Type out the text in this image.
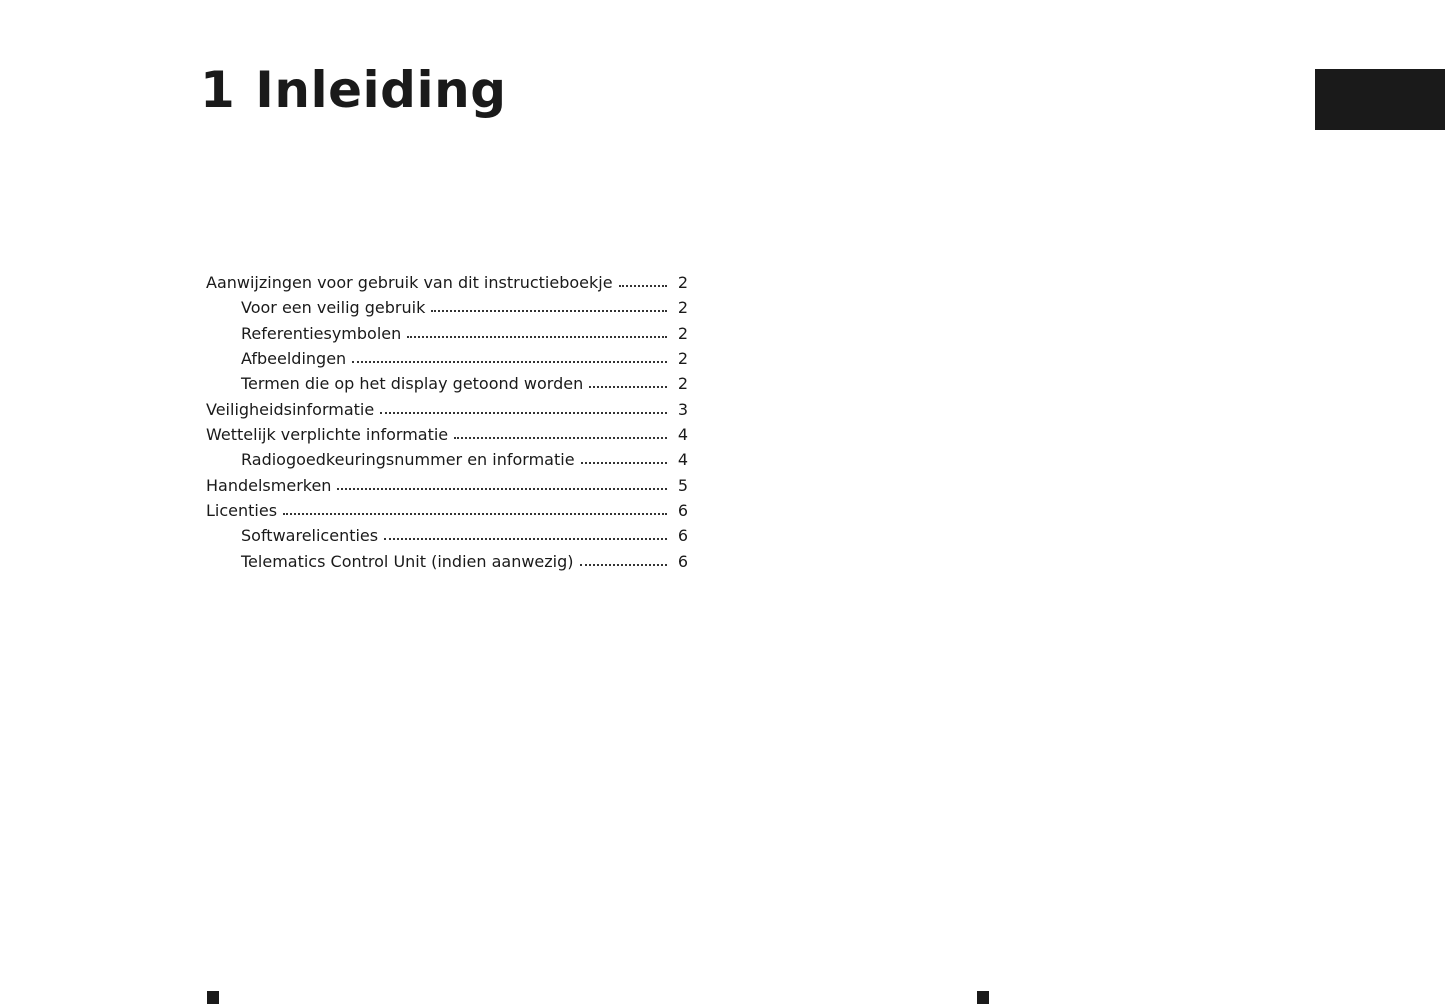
1 Inleiding
Aanwijzingen voor gebruik van dit instructieboekje	2
Voor een veilig gebruik	2
Referentiesymbolen	2
Afbeeldingen	2
Termen die op het display getoond worden	2
Veiligheidsinformatie	3
Wettelijk verplichte informatie	4
Radiogoedkeuringsnummer en informatie	4
Handelsmerken	5
Licenties	6
Softwarelicenties	6
Telematics Control Unit (indien aanwezig)	6
